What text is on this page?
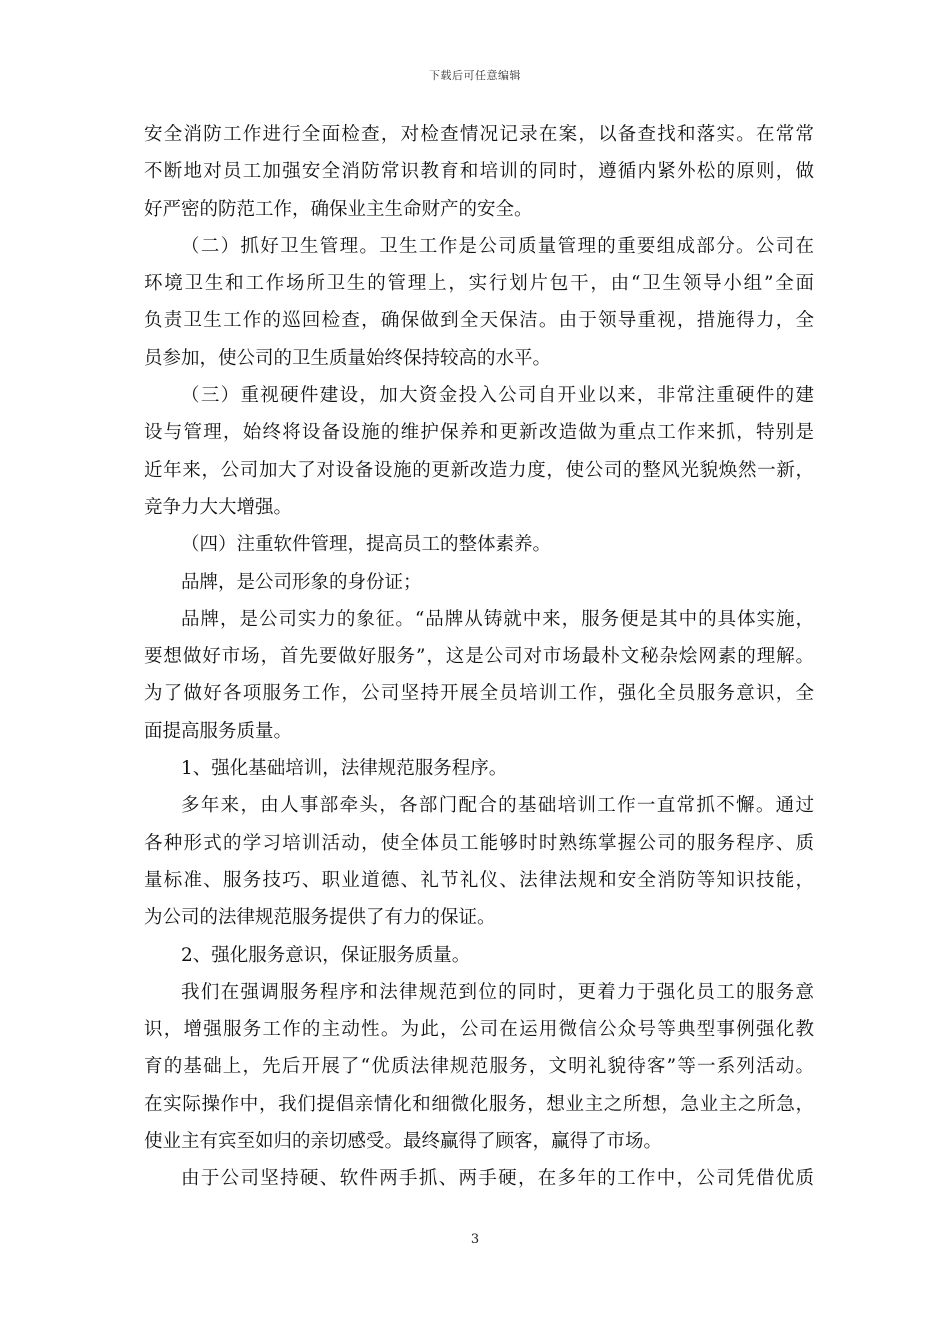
下载后可任意编辑
安全消防工作进行全面检查，对检查情况记录在案，以备查找和落实。在常常
不断地对员工加强安全消防常识教育和培训的同时，遵循内紧外松的原则，做
好严密的防范工作，确保业主生命财产的安全。
（二）抓好卫生管理。卫生工作是公司质量管理的重要组成部分。公司在
环境卫生和工作场所卫生的管理上，实行划片包干，由“卫生领导小组”全面
负责卫生工作的巡回检查，确保做到全天保洁。由于领导重视，措施得力，全
员参加，使公司的卫生质量始终保持较高的水平。
（三）重视硬件建设，加大资金投入公司自开业以来，非常注重硬件的建
设与管理，始终将设备设施的维护保养和更新改造做为重点工作来抓，特别是
近年来，公司加大了对设备设施的更新改造力度，使公司的整风光貌焕然一新，
竞争力大大增强。
（四）注重软件管理，提高员工的整体素养。
品牌，是公司形象的身份证；
品牌，是公司实力的象征。“品牌从铸就中来，服务便是其中的具体实施，
要想做好市场，首先要做好服务”，这是公司对市场最朴文秘杂烩网素的理解。
为了做好各项服务工作，公司坚持开展全员培训工作，强化全员服务意识，全
面提高服务质量。
1、强化基础培训，法律规范服务程序。
多年来，由人事部牵头，各部门配合的基础培训工作一直常抓不懈。通过
各种形式的学习培训活动，使全体员工能够时时熟练掌握公司的服务程序、质
量标准、服务技巧、职业道德、礼节礼仪、法律法规和安全消防等知识技能，
为公司的法律规范服务提供了有力的保证。
2、强化服务意识，保证服务质量。
我们在强调服务程序和法律规范到位的同时，更着力于强化员工的服务意
识，增强服务工作的主动性。为此，公司在运用微信公众号等典型事例强化教
育的基础上，先后开展了“优质法律规范服务，文明礼貌待客”等一系列活动。
在实际操作中，我们提倡亲情化和细微化服务，想业主之所想，急业主之所急，
使业主有宾至如归的亲切感受。最终赢得了顾客，赢得了市场。
由于公司坚持硬、软件两手抓、两手硬，在多年的工作中，公司凭借优质
3
